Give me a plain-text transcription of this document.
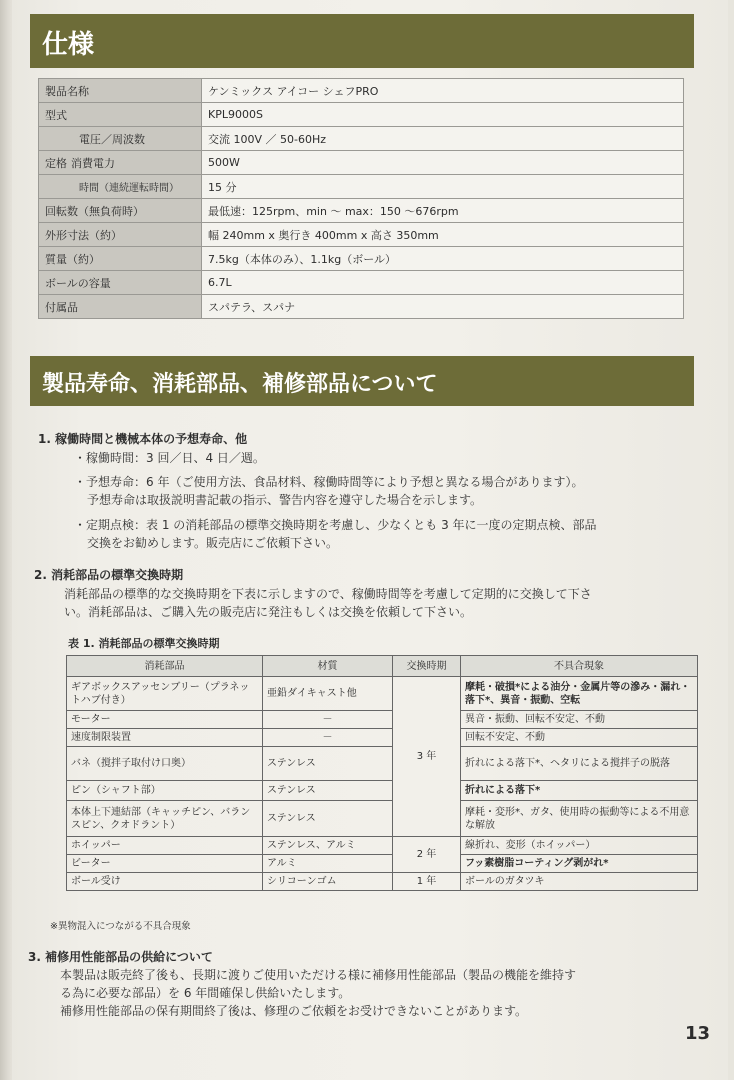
仕様
製品名称	ケンミックス アイコー シェフPRO
型式	KPL9000S
電圧／周波数	交流 100V ／ 50-60Hz
定格 消費電力	500W
時間（連続運転時間）	15 分
回転数（無負荷時）	最低速：125rpm、min ～ max：150 ～676rpm
外形寸法（約）	幅 240mm x 奥行き 400mm x 高さ 350mm
質量（約）	7.5kg（本体のみ）、1.1kg（ボール）
ボールの容量	6.7L
付属品	スパテラ、スパナ
製品寿命、消耗部品、補修部品について
1. 稼働時間と機械本体の予想寿命、他
・稼働時間：3 回／日、4 日／週。
・予想寿命：6 年（ご使用方法、食品材料、稼働時間等により予想と異なる場合があります）。
予想寿命は取扱説明書記載の指示、警告内容を遵守した場合を示します。
・定期点検：表 1 の消耗部品の標準交換時期を考慮し、少なくとも 3 年に一度の定期点検、部品
交換をお勧めします。販売店にご依頼下さい。
2. 消耗部品の標準交換時期
消耗部品の標準的な交換時期を下表に示しますので、稼働時間等を考慮して定期的に交換して下さ
い。消耗部品は、ご購入先の販売店に発注もしくは交換を依頼して下さい。
表 1. 消耗部品の標準交換時期
消耗部品	材質	交換時期	不具合現象
ギアボックスアッセンブリー（プラネットハブ付き）	亜鉛ダイキャスト他	3 年	摩耗・破損*による油分・金属片等の滲み・漏れ・落下*、異音・振動、空転
モーター	－		異音・振動、回転不安定、不動
速度制限装置	－		回転不安定、不動
バネ（撹拌子取付け口奥）	ステンレス		折れによる落下*、ヘタリによる撹拌子の脱落
ピン（シャフト部）	ステンレス		折れによる落下*
本体上下連結部（キャッチピン、バランスピン、クオドラント）	ステンレス		摩耗・変形*、ガタ、使用時の振動等による不用意な解放
ホイッパー	ステンレス、アルミ	2 年	線折れ、変形（ホイッパー）
ビーター	アルミ		フッ素樹脂コーティング剥がれ*
ボール受け	シリコーンゴム	1 年	ボールのガタツキ
※異物混入につながる不具合現象
3. 補修用性能部品の供給について
本製品は販売終了後も、長期に渡りご使用いただける様に補修用性能部品（製品の機能を維持す
る為に必要な部品）を 6 年間確保し供給いたします。
補修用性能部品の保有期間終了後は、修理のご依頼をお受けできないことがあります。
13
